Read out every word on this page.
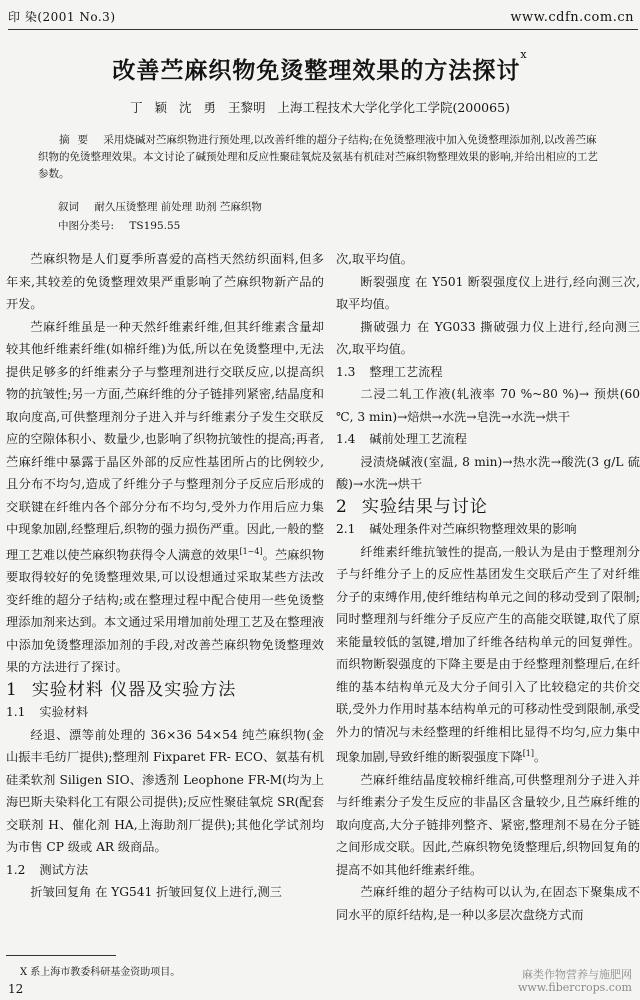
印 染(2001 No.3)	www.cdfn.com.cn
改善苎麻织物免烫整理效果的方法探讨$^x$
丁 颖 沈 勇 王黎明 上海工程技术大学化学化工学院(200065)
摘要 采用烧碱对苎麻织物进行预处理,以改善纤维的超分子结构;在免烫整理液中加入免烫整理添加剂,以改善苎麻织物的免烫整理效果。本文讨论了碱预处理和反应性聚硅氧烷及氨基有机硅对苎麻织物整理效果的影响,并给出相应的工艺参数。
叙词 耐久压烫整理 前处理 助剂 苎麻织物
中图分类号: TS195.55

苎麻织物是人们夏季所喜爱的高档天然纺织面料,但多年来,其较差的免烫整理效果严重影响了苎麻织物新产品的开发。

苎麻纤维虽是一种天然纤维素纤维,但其纤维素含量却较其他纤维素纤维(如棉纤维)为低,所以在免烫整理中,无法提供足够多的纤维素分子与整理剂进行交联反应,以提高织物的抗皱性;另一方面,苎麻纤维的分子链排列紧密,结晶度和取向度高,可供整理剂分子进入并与纤维素分子发生交联反应的空隙体积小、数量少,也影响了织物抗皱性的提高;再者,苎麻纤维中暴露于晶区外部的反应性基团所占的比例较少,且分布不均匀,造成了纤维分子与整理剂分子反应后形成的交联键在纤维内各个部分分布不均匀,受外力作用后应力集中现象加剧,经整理后,织物的强力损伤严重。因此,一般的整理工艺难以使苎麻织物获得令人满意的效果[1~4]。苎麻织物要取得较好的免烫整理效果,可以设想通过采取某些方法改变纤维的超分子结构;或在整理过程中配合使用一些免烫整理添加剂来达到。本文通过采用增加前处理工艺及在整理液中添加免烫整理添加剂的手段,对改善苎麻织物免烫整理效果的方法进行了探讨。

1 实验材料 仪器及实验方法

1.1 实验材料

经退、漂等前处理的 36×36 54×54 纯苎麻织物(金山振丰毛纺厂提供);整理剂 Fixparet FR- ECO、氨基有机硅柔软剂 Siligen SIO、渗透剂 Leophone FR-M(均为上海巴斯夫染料化工有限公司提供);反应性聚硅氧烷 SR(配套交联剂 H、催化剂 HA,上海助剂厂提供);其他化学试剂均为市售 CP 级或 AR 级商品。

1.2 测试方法

折皱回复角 在 YG541 折皱回复仪上进行,测三

次,取平均值。

断裂强度 在 Y501 断裂强度仪上进行,经向测三次,取平均值。

撕破强力 在 YG033 撕破强力仪上进行,经向测三次,取平均值。

1.3 整理工艺流程

二浸二轧工作液(轧液率 70 %~80 %)→ 预烘(60 ℃, 3 min)→焙烘→水洗→皂洗→水洗→烘干

1.4 碱前处理工艺流程

浸渍烧碱液(室温, 8 min)→热水洗→酸洗(3 g/L 硫酸)→水洗→烘干

2 实验结果与讨论

2.1 碱处理条件对苎麻织物整理效果的影响

纤维素纤维抗皱性的提高,一般认为是由于整理剂分子与纤维分子上的反应性基团发生交联后产生了对纤维分子的束缚作用,使纤维结构单元之间的移动受到了限制;同时整理剂与纤维分子反应产生的高能交联键,取代了原来能量较低的氢键,增加了纤维各结构单元的回复弹性。而织物断裂强度的下降主要是由于经整理剂整理后,在纤维的基本结构单元及大分子间引入了比较稳定的共价交联,受外力作用时基本结构单元的可移动性受到限制,承受外力的情况与未经整理的纤维相比显得不均匀,应力集中现象加剧,导致纤维的断裂强度下降[1]。

苎麻纤维结晶度较棉纤维高,可供整理剂分子进入并与纤维素分子发生反应的非晶区含量较少,且苎麻纤维的取向度高,大分子链排列整齐、紧密,整理剂不易在分子链之间形成交联。因此,苎麻织物免烫整理后,织物回复角的提高不如其他纤维素纤维。

苎麻纤维的超分子结构可以认为,在固态下聚集成不同水平的原纤结构,是一种以多层次盘绕方式而

X 系上海市教委科研基金资助项目。
12
麻类作物营养与施肥网
www.fibercrops.com
